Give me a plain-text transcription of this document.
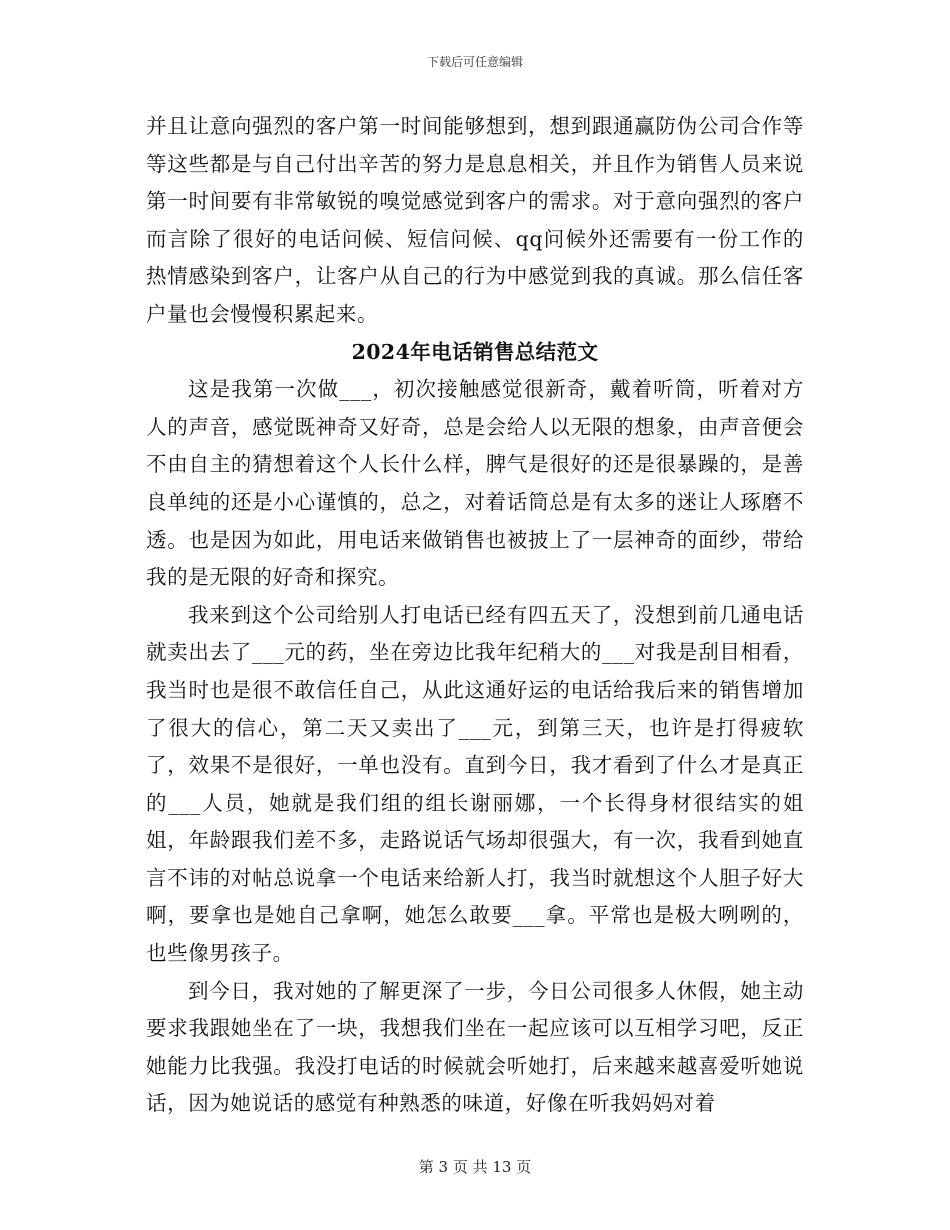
下载后可任意编辑

并且让意向强烈的客户第一时间能够想到，想到跟通赢防伪公司合作等等这些都是与自己付出辛苦的努力是息息相关，并且作为销售人员来说第一时间要有非常敏锐的嗅觉感觉到客户的需求。对于意向强烈的客户而言除了很好的电话问候、短信问候、qq问候外还需要有一份工作的热情感染到客户，让客户从自己的行为中感觉到我的真诚。那么信任客户量也会慢慢积累起来。

2024年电话销售总结范文

这是我第一次做___，初次接触感觉很新奇，戴着听筒，听着对方人的声音，感觉既神奇又好奇，总是会给人以无限的想象，由声音便会不由自主的猜想着这个人长什么样，脾气是很好的还是很暴躁的，是善良单纯的还是小心谨慎的，总之，对着话筒总是有太多的迷让人琢磨不透。也是因为如此，用电话来做销售也被披上了一层神奇的面纱，带给我的是无限的好奇和探究。

我来到这个公司给别人打电话已经有四五天了，没想到前几通电话就卖出去了___元的药，坐在旁边比我年纪稍大的___对我是刮目相看，我当时也是很不敢信任自己，从此这通好运的电话给我后来的销售增加了很大的信心，第二天又卖出了___元，到第三天，也许是打得疲软了，效果不是很好，一单也没有。直到今日，我才看到了什么才是真正的___人员，她就是我们组的组长谢丽娜，一个长得身材很结实的姐姐，年龄跟我们差不多，走路说话气场却很强大，有一次，我看到她直言不讳的对帖总说拿一个电话来给新人打，我当时就想这个人胆子好大啊，要拿也是她自己拿啊，她怎么敢要___拿。平常也是极大咧咧的，也些像男孩子。

到今日，我对她的了解更深了一步，今日公司很多人休假，她主动要求我跟她坐在了一块，我想我们坐在一起应该可以互相学习吧，反正她能力比我强。我没打电话的时候就会听她打，后来越来越喜爱听她说话，因为她说话的感觉有种熟悉的味道，好像在听我妈妈对着

第 3 页 共 13 页
